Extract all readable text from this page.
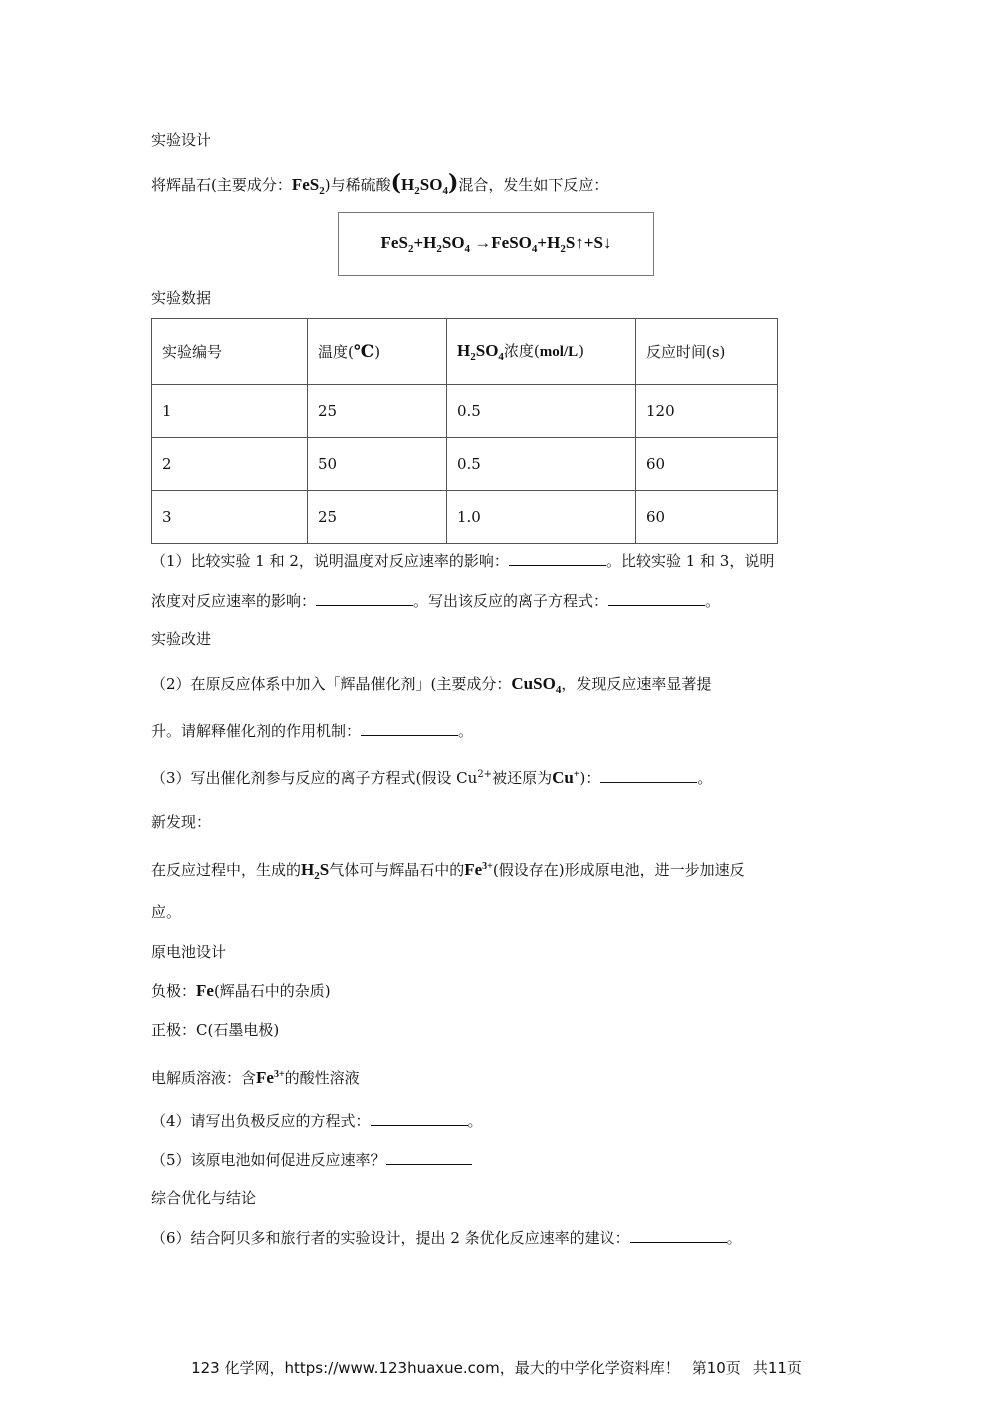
实验设计
将辉晶石(主要成分：FeS$_2$)与稀硫酸$(H_2SO_4)$混合，发生如下反应：
$FeS_2+H_2SO_4$ $\to FeSO_4+H_2S↑+S↓$
实验数据
实验编号	温度(℃)	$H_2SO_4$浓度(mol/L)	反应时间(s)
1	25	0.5	120
2	50	0.5	60
3	25	1.0	60
（1）比较实验 1 和 2，说明温度对反应速率的影响：	。比较实验 1 和 3，说明
浓度对反应速率的影响：	。写出该反应的离子方程式：	。
实验改进
（2）在原反应体系中加入「辉晶催化剂」(主要成分：CuSO$_4$，发现反应速率显著提
升。请解释催化剂的作用机制：	。
（3）写出催化剂参与反应的离子方程式(假设 $Cu^{2+}$被还原为Cu+)：	。
新发现：
在反应过程中，生成的$H_2S$气体可与辉晶石中的$Fe^{3+}$(假设存在)形成原电池，进一步加速反
应。
原电池设计
负极：Fe(辉晶石中的杂质)
正极：C(石墨电极)
电解质溶液：含$Fe^{3+}$的酸性溶液
（4）请写出负极反应的方程式：	。
（5）该原电池如何促进反应速率？
综合优化与结论
（6）结合阿贝多和旅行者的实验设计，提出 2 条优化反应速率的建议：	。
123 化学网，https://www.123huaxue.com，最大的中学化学资料库！ 第10页 共11页
